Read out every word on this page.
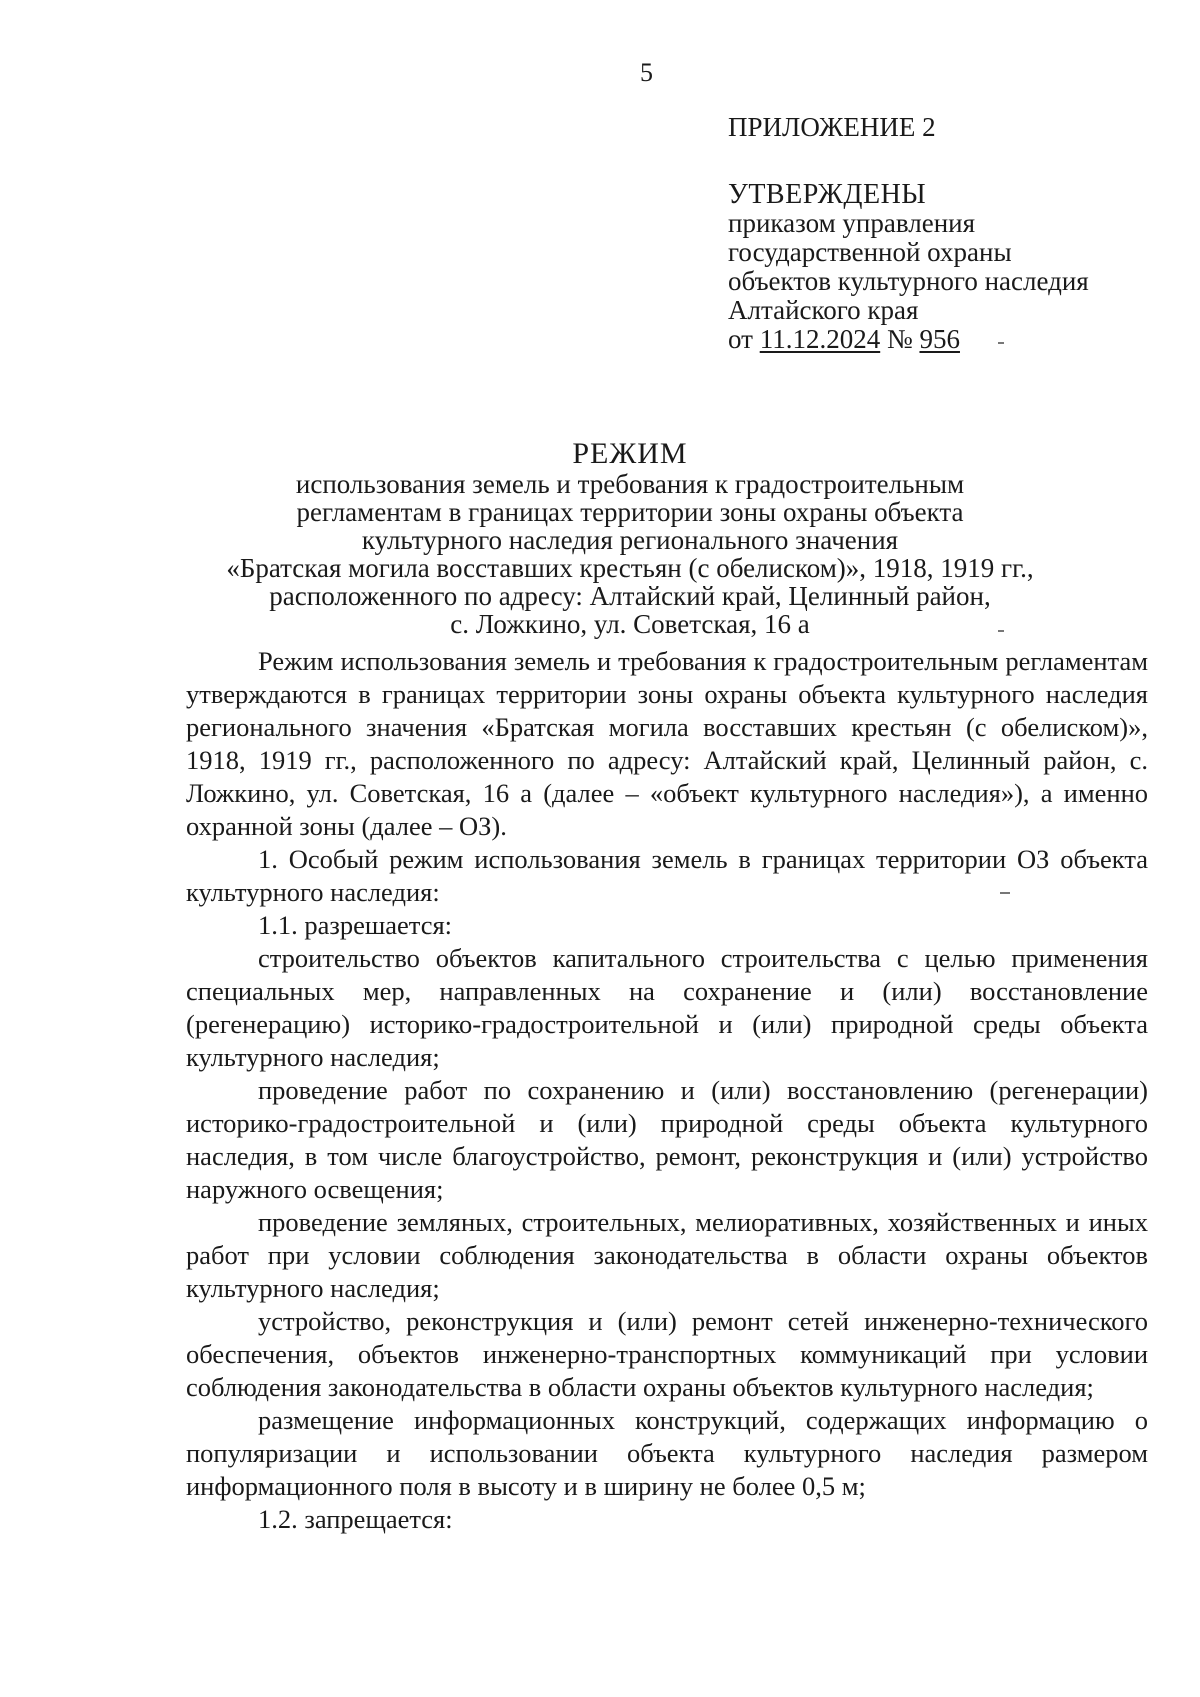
5
ПРИЛОЖЕНИЕ 2
УТВЕРЖДЕНЫ
приказом управления
государственной охраны
объектов культурного наследия
Алтайского края
от 11.12.2024 № 956
РЕЖИМ
использования земель и требования к градостроительным
регламентам в границах территории зоны охраны объекта
культурного наследия регионального значения
«Братская могила восставших крестьян (с обелиском)», 1918, 1919 гг.,
расположенного по адресу: Алтайский край, Целинный район,
с. Ложкино, ул. Советская, 16 а

Режим использования земель и требования к градостроительным регламентам утверждаются в границах территории зоны охраны объекта культурного наследия регионального значения «Братская могила восставших крестьян (с обелиском)», 1918, 1919 гг., расположенного по адресу: Алтайский край, Целинный район, с. Ложкино, ул. Советская, 16 а (далее – «объект культурного наследия»), а именно охранной зоны (далее – ОЗ).

1. Особый режим использования земель в границах территории ОЗ объекта культурного наследия:

1.1. разрешается:

строительство объектов капитального строительства с целью применения специальных мер, направленных на сохранение и (или) восстановление (регенерацию) историко-градостроительной и (или) природной среды объекта культурного наследия;

проведение работ по сохранению и (или) восстановлению (регенерации) историко-градостроительной и (или) природной среды объекта культурного наследия, в том числе благоустройство, ремонт, реконструкция и (или) устройство наружного освещения;

проведение земляных, строительных, мелиоративных, хозяйственных и иных работ при условии соблюдения законодательства в области охраны объектов культурного наследия;

устройство, реконструкция и (или) ремонт сетей инженерно-технического обеспечения, объектов инженерно-транспортных коммуникаций при условии соблюдения законодательства в области охраны объектов культурного наследия;

размещение информационных конструкций, содержащих информацию о популяризации и использовании объекта культурного наследия размером информационного поля в высоту и в ширину не более 0,5 м;

1.2. запрещается:
